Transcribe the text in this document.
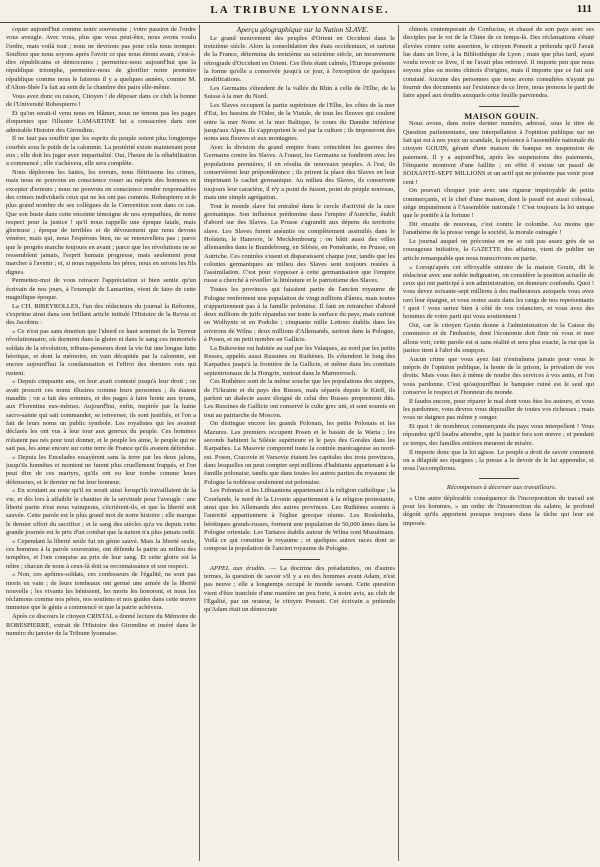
LA TRIBUNE LYONNAISE.	111

copier aujourd'hui comme notre souveraine ; votre passion de l'ordre vous aveugle. Avec vous, plus que vous peut-être, nous avons voulu l'ordre, mais voilà tout ; nous ne devrions pas pour cela nous tromper. Souffrez que nous soyons après l'avoir ce que nous étions avant, c'est-à-dire républicains et démocrates ; permettez-nous aujourd'hui que la république triomphe, permettez-nous de glorifier notre première république comme nous le faisions il y a quelques années, comme M. d'Alton-Shée l'a fait au sein de la chambre des pairs elle-même.

Vous avez donc eu raison, Citoyen ! de déposer dans ce club la bonne de l'Université Robespierre !

Et qu'on serait-il venu nous en blâmer, nous ne tenons pas les pages éloquentes que l'illustre LAMARTINE lui a consacrées dans son admirable Histoire des Girondins.

Il ne faut pas souffrir que les esprits du peuple soient plus longtemps courbés sous le poids de la calomnie. La postérité existe maintenant pour eux ; elle doit les juger avec impartialité. Oui, l'heure de la réhabilitation a commencé ; elle s'achèvera, elle sera complète.

Nous déplorons les fautes, les erreurs, nous flétrissons les crimes, mais nous ne pouvons en conscience vouer au mépris des hommes ni excepter d'erreurs ; nous ne pouvons en conscience rendre responsables des crimes individuels ceux qui ne les ont pas commis. Robespierre et le plus grand nombre de ses collègues de la Convention sont dans ce cas. Que son buste dans cette enceinte témoigne de nos sympathies, de notre respect pour la justice ! qu'il nous rappelle une époque fatale, mais glorieuse ; époque de terribles et de dévouement que nous devons vénérer, mais qui, nous l'espérons bien, ne se renouvellera pas ; parce que le progrès marche toujours en avant ; parce que les révolutions ne se ressemblent jamais, l'esprit humain progresse, mais seulement pour marcher à l'avenir ; et, si nous rappelons les pères, nous en serons les fils dignes.

Permettez-moi de vous retracer l'appréciation si bien sentie qu'un écrivain de nos jours, à l'exemple de Lamartine, vient de faire de cette magnifique époque.

La CH. RIBEYROLLES, l'un des rédacteurs du journal la Réforme, s'exprime ainsi dans son brillant article intitulé l'Histoire de la Revue et des Jacobins :

« Ce n'est pas sans émotion que l'abord ce haut sommet de la Terreur révolutionnaire, où dorment dans la gloire et dans le sang ces immortels soldats de la révolution, tribuns-penseurs dont la vie fut une longue lutte héroïque, et dont la mémoire, en vain décapitée par la calomnie, est encore aujourd'hui la condamnation et l'effroi des derniers rois qui restent.

« Depuis cinquante ans, on leur avait contesté jusqu'à leur droit ; on avait proscrit ces noms illustres comme leurs personnes ; ils étaient maudits ; on a fait des sommes, et des pages à faire honte aux tyrans, aux Florentins eux-mêmes. Aujourd'hui, enfin, inspirée par la haine sacro-sainte qui sait commander, se renverser, ils sont justifiés, et l'on a fait de leurs noms un public symbole. Les royalistes qui les avaient déclarés les ont vus à leur tour aux genoux du peuple. Ces hommes n'étaient pas nés pour tout donner, et le peuple les aime, le peuple qui ne sait pas, les aime encore sur cette terre de France qu'ils avaient défendue.

« Depuis les Encelades essayèrent sans la terre par les deux jalons, jusqu'ils honnêtes et montent ne furent plus cruellement frappés, et l'on peut dire de ces martyrs, qu'ils ont eu leur tombe comme leurs défenseurs, et le dernier ne fut leur honneur.

« En scrutant au reste qu'il en serait ainsi lorsqu'ils travaillaient de la vie, et dès lors à affaiblir le chantier de la servitude pour l'aveugle : une liberté partie n'est nous vainquons, s'écrièrent-ils, et que la liberté soit sauvée. Cette parole est le plus grand mot de notre histoire ; elle marque le dernier effort du sacrifice ; et le sang des siècles qu'a vu depuis cette grande journée est le prix d'un combat que la nation n'a plus jamais redit.

« Cependant la liberté seule fut un génie sauvé. Mais la liberté seule, ces hommes à la parole souveraine, ont défendu la patrie au milieu des tempêtes, et l'ont conquise au prix de leur sang. Et cette gloire est la nôtre ; chacun de nous à ceux-là doit sa reconnaissance et son respect.

« Non, ces apôtres-soldats, ces confesseurs de l'égalité, ne sont pas morts en vain ; de leurs tombeaux ont germé une armée de la liberté nouvelle ; les vivants les bénissent, les morts les honorent, et nous les réclamons comme nos pères, nos soutiens et nos guides dans cette œuvre immense que le génie a commencé et que la patrie achèvera.

Après ce discours le citoyen CRISTAL a donné lecture du Mémoire de ROBESPIERRE, extrait de l'Histoire des Girondins et inséré dans le numéro du janvier de la Tribune lyonnaise.

Aperçu géographique sur la Nation SLAVE.

Le grand mouvement des peuples d'Orient en Occident dans le treizième siècle. Alors la consolidation des états occidentaux, et surtout de la France, détermina du treizième au seizième siècle, un mouvement rétrograde d'Occident en Orient. Ces flots étant calmés, l'Europe présente la forme qu'elle a conservée jusqu'à ce jour, à l'exception de quelques modifications.

Les Germains s'étendent de la vallée du Rhin à celle de l'Elbe, de la Suisse à la mer du Nord.

Les Slaves occupent la partie supérieure de l'Elbe, les côtes de la mer d'Est, les bassins de l'Oder, de la Vistule, de tous les fleuves qui coulent entre la mer Noire et la mer Baltique, le cours du Danube inférieur jusqu'aux Alpes. Ils s'approprient le sol par la culture ; ils imposeront des noms aux fleuves et aux montagnes.

Avec la division du grand empire franc coïncident les guerres des Germains contre les Slaves. A l'ouest, les Germains se fondirent avec les populations premières, il en résulta de nouveaux peuples. A l'est, ils conservèrent leur prépondérance ; ils prirent la place des Slaves en leur imprimant le cachet germanique. Au milieu des Slaves, ils conservent toujours leur caractère, il n'y a point de fusion, point de peuple nouveau, mais une simple agrégation.

Tout le monde slave fut entraîné dans le cercle d'activité de la race germanique. Son influence prédomine dans l'empire d'Autriche, établi d'abord sur des Slaves. La Prusse s'agrandit aux dépens du territoire slave. Les Slaves furent anéantis ou complètement assimilés dans le Holstein, le Hanovre, le Mecklembourg ; on bâtit aussi des villes allemandes dans le Brandebourg, en Silésie, en Poméranie, en Prusse, en Autriche. Ces contrées s'usent et disparaissent chaque jour, tandis que les colonies germaniques au milieu des Slaves sont toujours restées à l'assimilation. C'est pour s'opposer à cette germanisation que l'empire russe a cherché à réveiller la littérature et le patriotisme des Slaves.

Toutes les provinces qui faisaient partie de l'ancien royaume de Pologne renferment une population de vingt millions d'âmes, mais toutes n'appartiennent pas à la famille polonaise. Il faut en retrancher d'abord deux millions de juifs répandus sur toute la surface du pays, mais surtout en Wolhynie et en Podolie ; cinquante mille Lettons établis dans les environs de Wilna ; deux millions d'Allemands, surtout dans la Pologne, à Posen, et un petit nombre en Gallicie.

La Bukowine est habitée au sud par les Valaques, au nord par les petits Russes, appelés aussi Russines ou Ruthènes. Ils s'étendent le long des Karpathes jusqu'à la frontière de la Gallicie, et même dans les comitats septentrionaux de la Hongrie, surtout dans le Marmorosch.

Ces Ruthènes sont de la même souche que les populations des steppes, de l'Ukraine et du pays des Russes, mais séparés depuis le Kieff, ils parlent un dialecte assez éloigné de celui des Russes proprement dits. Les Russines de Gallicie ont conservé le culte grec uni, et sont soumis en tout au patriarche de Moscou.

On distingue encore les grands Polonais, les petits Polonais et les Mazures. Les premiers occupent Posen et le bassin de la Warta ; les seconds habitent la Silésie supérieure et le pays des Gorales dans les Karpathes. La Masovie comprend toute la contrée marécageuse au nord-est. Posen, Cracovie et Varsovie étaient les capitales des trois provinces, dans lesquelles on peut compter sept millions d'habitants appartenant à la famille polonaise, tandis que dans toutes les autres parties du royaume de Pologne la noblesse seulement est polonaise.

Les Polonais et les Lithuaniens appartenant à la religion catholique ; la Courlande, le nord de la Livonie appartiennent à la religion protestante, ainsi que les Allemands des autres provinces. Les Ruthènes soumis à l'autorité appartiennent à l'église grecque réunie. Les Roskolniks, hérétiques grands-russes, forment une population de 50,000 âmes dans la Pologne orientale. Les Tartares établis autour de Wilna sont Musulmans. Voilà ce qui constitue le royaume ; et quelques autres races dont se compose la population de l'ancien royaume de Pologne.

APPEL aux érudits. — La doctrine des préadamites, ou d'autres termes, la question de savoir s'il y a eu des hommes avant Adam, n'est pas neuve ; elle a longtemps occupé le monde savant. Cette question vient d'être tranchée d'une manière un peu forte, à notre avis, au club de l'Égalité, par un orateur, le citoyen Ponsett. Cet écrivain a prétendu qu'Adam était un démocrate

chinois contemporain de Confucius, et chassé de son pays avec ses disciples par le roi de la Chine de ce temps-là. Des réclamations s'étant élevées contre cette assertion, le citoyen Ponsett a prétendu qu'il l'avait lue dans un livre, à la Bibliothèque de Lyon ; mais que plus tard, ayant voulu revoir ce livre, il ne l'avait plus retrouvé. Il importe peu que nous soyons plus ou moins chinois d'origine, mais il importe que ce fait soit constaté. Aucune des personnes que nous avons consultées n'ayant pu fournir des documents sur l'existence de ce livre, nous prenons le parti de faire appel aux érudits auxquels cette feuille parviendra.

MAISON GOUIN.

Nous avons, dans notre dernier numéro, adressé, sous le titre de Question parlementaire, une interpellation à l'opinion publique sur un fait qui est à nos yeux un scandale, la présence à l'assemblée nationale du citoyen GOUIN, gérant d'une maison de banque en suspension de paiement. Il y a aujourd'hui, après les suspensions des paiements, l'étiquette montrent d'une faillite ; en effet il existe un passif de SOIXANTE-SEPT MILLIONS et un actif qui ne présente pas venir pour cent !

On pouvait choquer jour avec une rigueur impitoyable de petits commerçants, et le chef d'une maison, dont le passif est aussi colossal, siège impunément à l'Assemblée nationale ! C'est toujours la loi unique que le pontife à la fortune !

Dit ensuite de nouveau, c'est contre le colombe. Au moins que l'anathème de la presse venge la société, la morale outragée !

Le journal auquel on préconise en ne se rait pas assez grès de sa courageuse initiative, la GAZETTE des affaires, vient de publier un article remarquable que nous transcrivons en partie.

« Lorsqu'après cet effroyable sinistre de la maison Gouin, dit le rédacteur avec une noble indignation, on considère la position actuelle de ceux qui ont participé à son administration, on demeure confondu. Quoi ! vous devez soixante-sept millions à des malheureux auxquels vous avez ravi leur épargne, et vous restez assis dans les rangs de nos représentants ! quoi ! vous seriez bien à côté de vos créanciers, et vous avez des hommes de votre parti qui vous soutiennent !

Oui, car le citoyen Gouin donne à l'administration de la Caisse du commerce et de l'industrie, dont l'économie doit finir où vous et moi allons voir, cette parole est si sans réalité et sera plus exacte, la rue que la justice tient à l'abri du soupçon.

Aucun crime que vous ayez fait n'entraînera jamais pour vous le mépris de l'opinion publique, la honte de la prison, la privation de vos droits. Mais vous êtes à même de rendre des services à vos amis, et l'on vous pardonne. C'est qu'aujourd'hui le banquier ruiné est le seul qui conserve le respect et l'honneur du monde.

Il faudra encore, pour réparer le mal dont vous êtes les auteurs, et vous les pardonner, vous devrez vous dépouiller de toutes vos richesses ; mais vous ne daignez pas même y songer.

Et quoi ! de nombreux commerçants du pays vous interpellent ! Vous répondez qu'il faudra attendre, que la justice fera son œuvre ; et pendant ce temps, des familles entières meurent de misère.

Il importe donc que la loi agisse. Le peuple a droit de savoir comment on a dilapidé ses épargnes ; la presse a le devoir de le lui apprendre, et nous l'accomplirons.

Récompenses à décerner aux travailleurs.

« Une autre déplorable conséquence de l'incorporation du travail est pour les hommes, » un ordre de l'insurrection du salaire, le profond dégoût qu'ils apportent presque toujours dans la tâche qui leur est imposée.
